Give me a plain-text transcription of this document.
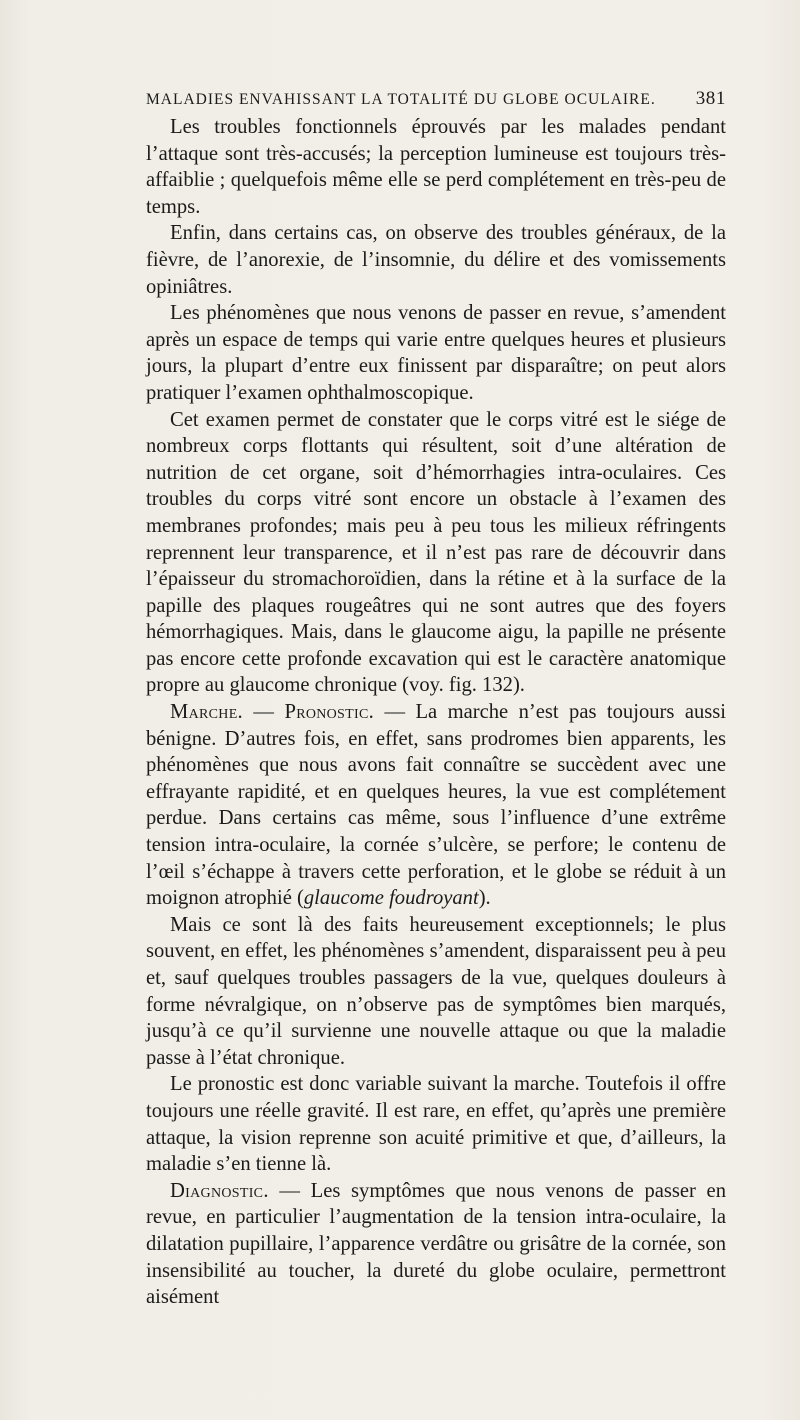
MALADIES ENVAHISSANT LA TOTALITÉ DU GLOBE OCULAIRE. 381

Les troubles fonctionnels éprouvés par les malades pendant l’attaque sont très-accusés; la perception lumineuse est toujours très-affaiblie ; quelquefois même elle se perd complétement en très-peu de temps.

Enfin, dans certains cas, on observe des troubles généraux, de la fièvre, de l’anorexie, de l’insomnie, du délire et des vomissements opiniâtres.

Les phénomènes que nous venons de passer en revue, s’amendent après un espace de temps qui varie entre quelques heures et plusieurs jours, la plupart d’entre eux finissent par disparaître; on peut alors pratiquer l’examen ophthalmoscopique.

Cet examen permet de constater que le corps vitré est le siége de nombreux corps flottants qui résultent, soit d’une altération de nutrition de cet organe, soit d’hémorrhagies intra-oculaires. Ces troubles du corps vitré sont encore un obstacle à l’examen des membranes profondes; mais peu à peu tous les milieux réfringents reprennent leur transparence, et il n’est pas rare de découvrir dans l’épaisseur du stromachoroïdien, dans la rétine et à la surface de la papille des plaques rougeâtres qui ne sont autres que des foyers hémorrhagiques. Mais, dans le glaucome aigu, la papille ne présente pas encore cette profonde excavation qui est le caractère anatomique propre au glaucome chronique (voy. fig. 132).

Marche. — Pronostic. — La marche n’est pas toujours aussi bénigne. D’autres fois, en effet, sans prodromes bien apparents, les phénomènes que nous avons fait connaître se succèdent avec une effrayante rapidité, et en quelques heures, la vue est complétement perdue. Dans certains cas même, sous l’influence d’une extrême tension intra-oculaire, la cornée s’ulcère, se perfore; le contenu de l’œil s’échappe à travers cette perforation, et le globe se réduit à un moignon atrophié (glaucome foudroyant).

Mais ce sont là des faits heureusement exceptionnels; le plus souvent, en effet, les phénomènes s’amendent, disparaissent peu à peu et, sauf quelques troubles passagers de la vue, quelques douleurs à forme névralgique, on n’observe pas de symptômes bien marqués, jusqu’à ce qu’il survienne une nouvelle attaque ou que la maladie passe à l’état chronique.

Le pronostic est donc variable suivant la marche. Toutefois il offre toujours une réelle gravité. Il est rare, en effet, qu’après une première attaque, la vision reprenne son acuité primitive et que, d’ailleurs, la maladie s’en tienne là.

Diagnostic. — Les symptômes que nous venons de passer en revue, en particulier l’augmentation de la tension intra-oculaire, la dilatation pupillaire, l’apparence verdâtre ou grisâtre de la cornée, son insensibilité au toucher, la dureté du globe oculaire, permettront aisément
